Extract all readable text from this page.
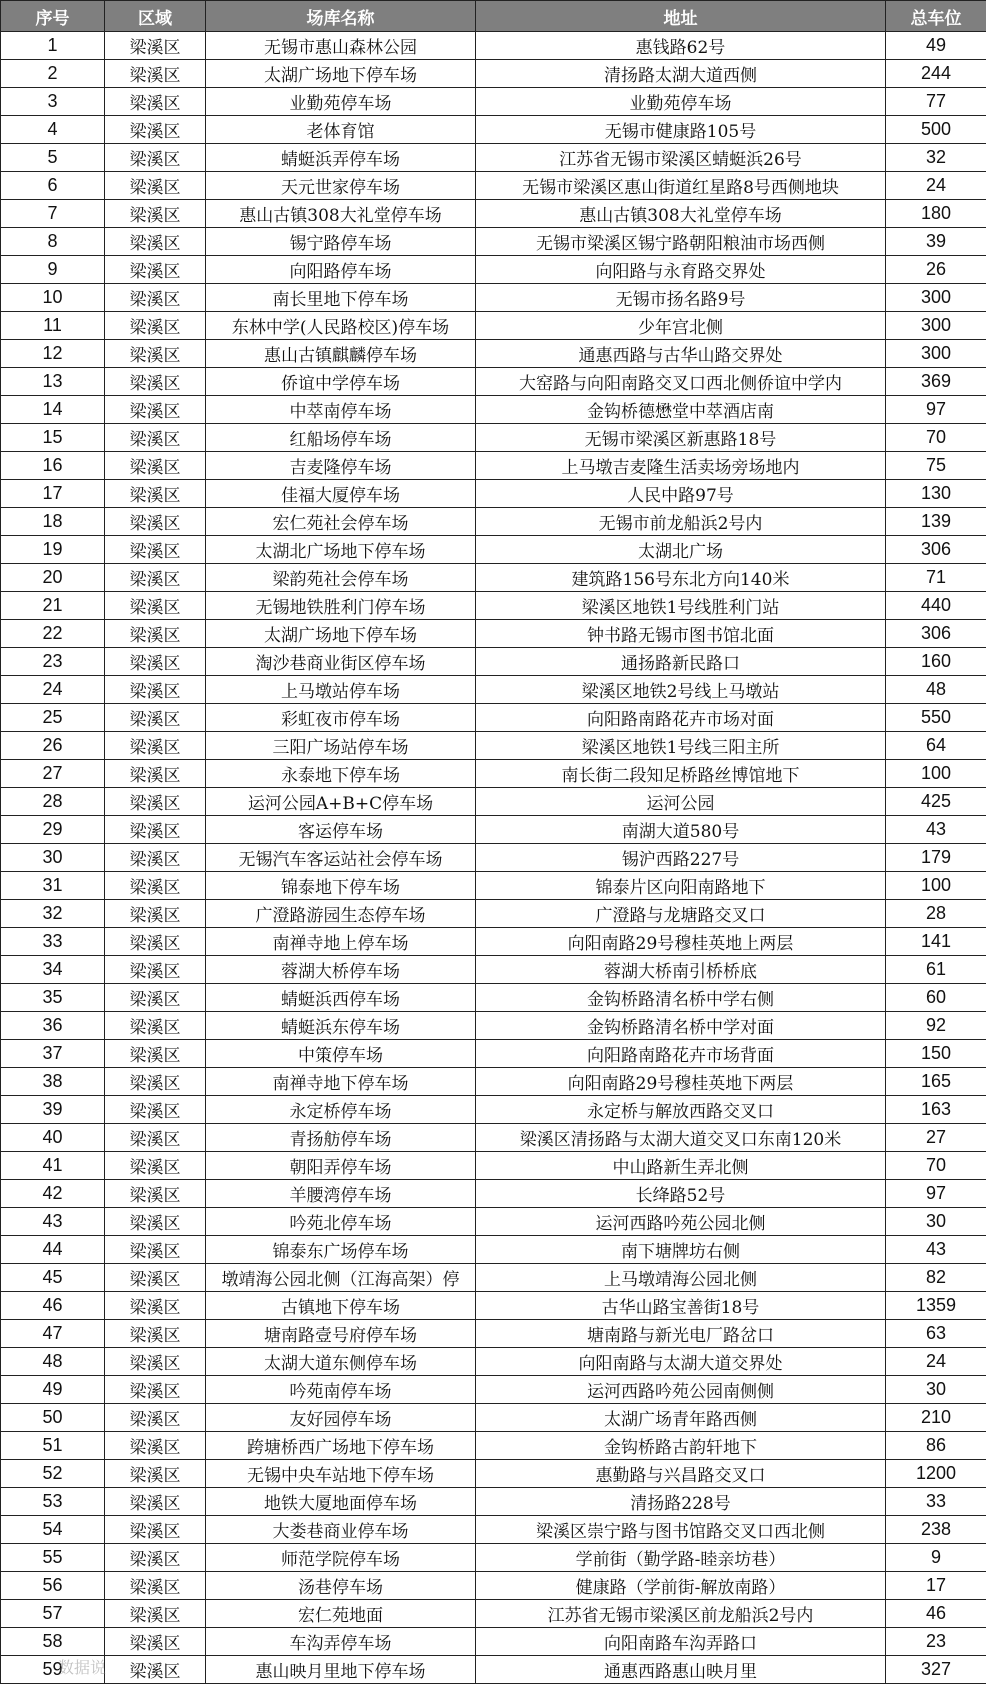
序号	区域	场库名称	地址	总车位
1	梁溪区	无锡市惠山森林公园	惠钱路62号	49
2	梁溪区	太湖广场地下停车场	清扬路太湖大道西侧	244
3	梁溪区	业勤苑停车场	业勤苑停车场	77
4	梁溪区	老体育馆	无锡市健康路105号	500
5	梁溪区	蜻蜓浜弄停车场	江苏省无锡市梁溪区蜻蜓浜26号	32
6	梁溪区	天元世家停车场	无锡市梁溪区惠山街道红星路8号西侧地块	24
7	梁溪区	惠山古镇308大礼堂停车场	惠山古镇308大礼堂停车场	180
8	梁溪区	锡宁路停车场	无锡市梁溪区锡宁路朝阳粮油市场西侧	39
9	梁溪区	向阳路停车场	向阳路与永育路交界处	26
10	梁溪区	南长里地下停车场	无锡市扬名路9号	300
11	梁溪区	东林中学(人民路校区)停车场	少年宫北侧	300
12	梁溪区	惠山古镇麒麟停车场	通惠西路与古华山路交界处	300
13	梁溪区	侨谊中学停车场	大窑路与向阳南路交叉口西北侧侨谊中学内	369
14	梁溪区	中萃南停车场	金钩桥德懋堂中萃酒店南	97
15	梁溪区	红船场停车场	无锡市梁溪区新惠路18号	70
16	梁溪区	吉麦隆停车场	上马墩吉麦隆生活卖场旁场地内	75
17	梁溪区	佳福大厦停车场	人民中路97号	130
18	梁溪区	宏仁苑社会停车场	无锡市前龙船浜2号内	139
19	梁溪区	太湖北广场地下停车场	太湖北广场	306
20	梁溪区	梁韵苑社会停车场	建筑路156号东北方向140米	71
21	梁溪区	无锡地铁胜利门停车场	梁溪区地铁1号线胜利门站	440
22	梁溪区	太湖广场地下停车场	钟书路无锡市图书馆北面	306
23	梁溪区	淘沙巷商业街区停车场	通扬路新民路口	160
24	梁溪区	上马墩站停车场	梁溪区地铁2号线上马墩站	48
25	梁溪区	彩虹夜市停车场	向阳路南路花卉市场对面	550
26	梁溪区	三阳广场站停车场	梁溪区地铁1号线三阳主所	64
27	梁溪区	永泰地下停车场	南长街二段知足桥路丝博馆地下	100
28	梁溪区	运河公园A+B+C停车场	运河公园	425
29	梁溪区	客运停车场	南湖大道580号	43
30	梁溪区	无锡汽车客运站社会停车场	锡沪西路227号	179
31	梁溪区	锦泰地下停车场	锦泰片区向阳南路地下	100
32	梁溪区	广澄路游园生态停车场	广澄路与龙塘路交叉口	28
33	梁溪区	南禅寺地上停车场	向阳南路29号穆桂英地上两层	141
34	梁溪区	蓉湖大桥停车场	蓉湖大桥南引桥桥底	61
35	梁溪区	蜻蜓浜西停车场	金钩桥路清名桥中学右侧	60
36	梁溪区	蜻蜓浜东停车场	金钩桥路清名桥中学对面	92
37	梁溪区	中策停车场	向阳路南路花卉市场背面	150
38	梁溪区	南禅寺地下停车场	向阳南路29号穆桂英地下两层	165
39	梁溪区	永定桥停车场	永定桥与解放西路交叉口	163
40	梁溪区	青扬舫停车场	梁溪区清扬路与太湖大道交叉口东南120米	27
41	梁溪区	朝阳弄停车场	中山路新生弄北侧	70
42	梁溪区	羊腰湾停车场	长绛路52号	97
43	梁溪区	吟苑北停车场	运河西路吟苑公园北侧	30
44	梁溪区	锦泰东广场停车场	南下塘牌坊右侧	43
45	梁溪区	墩靖海公园北侧（江海高架）停	上马墩靖海公园北侧	82
46	梁溪区	古镇地下停车场	古华山路宝善街18号	1359
47	梁溪区	塘南路壹号府停车场	塘南路与新光电厂路岔口	63
48	梁溪区	太湖大道东侧停车场	向阳南路与太湖大道交界处	24
49	梁溪区	吟苑南停车场	运河西路吟苑公园南侧侧	30
50	梁溪区	友好园停车场	太湖广场青年路西侧	210
51	梁溪区	跨塘桥西广场地下停车场	金钩桥路古韵轩地下	86
52	梁溪区	无锡中央车站地下停车场	惠勤路与兴昌路交叉口	1200
53	梁溪区	地铁大厦地面停车场	清扬路228号	33
54	梁溪区	大娄巷商业停车场	梁溪区崇宁路与图书馆路交叉口西北侧	238
55	梁溪区	师范学院停车场	学前街（勤学路-睦亲坊巷）	9
56	梁溪区	汤巷停车场	健康路（学前街-解放南路）	17
57	梁溪区	宏仁苑地面	江苏省无锡市梁溪区前龙船浜2号内	46
58	梁溪区	车沟弄停车场	向阳南路车沟弄路口	23
59	梁溪区	惠山映月里地下停车场	通惠西路惠山映月里	327
数据说
